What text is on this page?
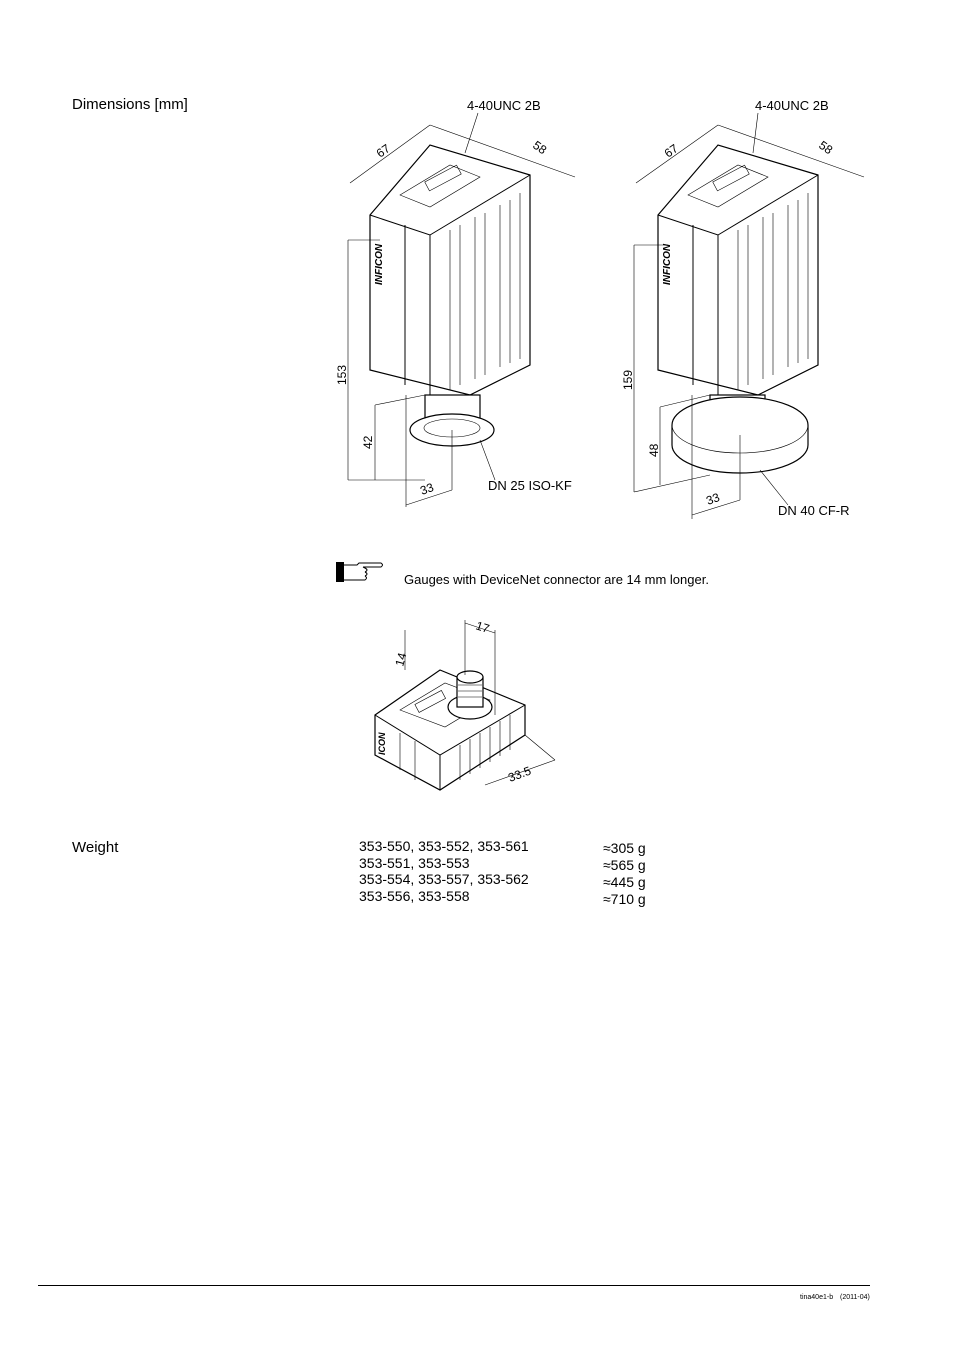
Dimensions [mm]
INFICON
67	58
153
42
33
4-40UNC 2B
DN 25 ISO-KF
INFICON
67	58
159
48
33
4-40UNC 2B
DN 40 CF-R
Gauges with DeviceNet connector are 14 mm longer.
ICON
17
14
33.5
Weight	353-550, 353-552, 353-561	≈305 g
353-551, 353-553	≈565 g
353-554, 353-557, 353-562	≈445 g
353-556, 353-558	≈710 g
tina40e1-b (2011-04)
